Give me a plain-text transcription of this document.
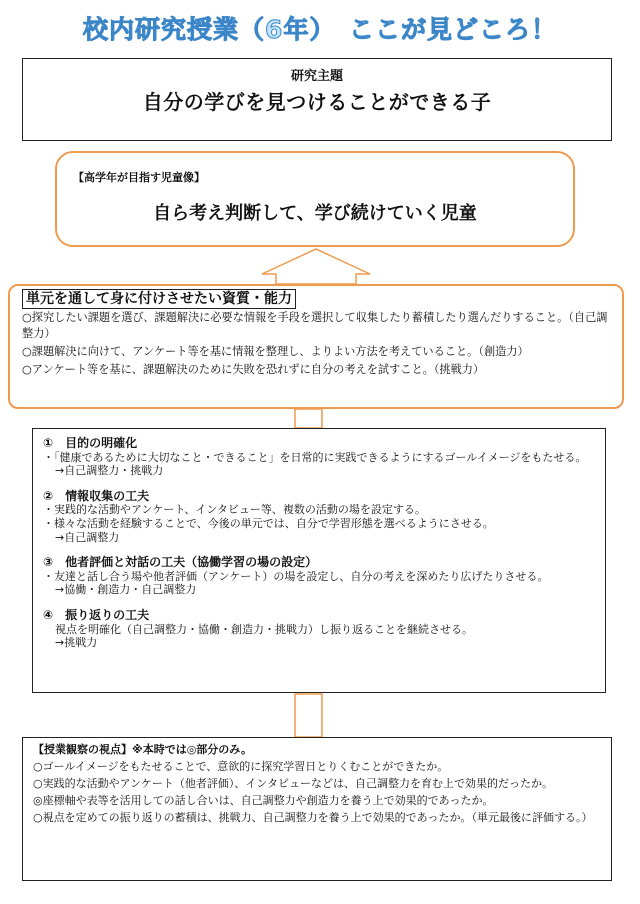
校内研究授業（6年）　ここが見どころ！
研究主題
自分の学びを見つけることができる子
【高学年が目指す児童像】
自ら考え判断して、学び続けていく児童
単元を通して身に付けさせたい資質・能力

○探究したい課題を選び、課題解決に必要な情報を手段を選択して収集したり蓄積したり選んだりすること。（自己調整力）

○課題解決に向けて、アンケート等を基に情報を整理し、よりよい方法を考えていること。（創造力）

○アンケート等を基に、課題解決のために失敗を恐れずに自分の考えを試すこと。（挑戦力）

①　目的の明確化

・「健康であるために大切なこと・できること」を日常的に実践できるようにするゴールイメージをもたせる。

→自己調整力・挑戦力

②　情報収集の工夫

・実践的な活動やアンケート、インタビュー等、複数の活動の場を設定する。

・様々な活動を経験することで、今後の単元では、自分で学習形態を選べるようにさせる。

→自己調整力

③　他者評価と対話の工夫（協働学習の場の設定）

・友達と話し合う場や他者評価（アンケート）の場を設定し、自分の考えを深めたり広げたりさせる。

→協働・創造力・自己調整力

④　振り返りの工夫

視点を明確化（自己調整力・協働・創造力・挑戦力）し振り返ることを継続させる。

→挑戦力

【授業観察の視点】※本時では◎部分のみ。

○ゴールイメージをもたせることで、意欲的に探究学習日とりくむことができたか。

○実践的な活動やアンケート（他者評価）、インタビューなどは、自己調整力を育む上で効果的だったか。

◎座標軸や表等を活用しての話し合いは、自己調整力や創造力を養う上で効果的であったか。

○視点を定めての振り返りの蓄積は、挑戦力、自己調整力を養う上で効果的であったか。（単元最後に評価する。）
